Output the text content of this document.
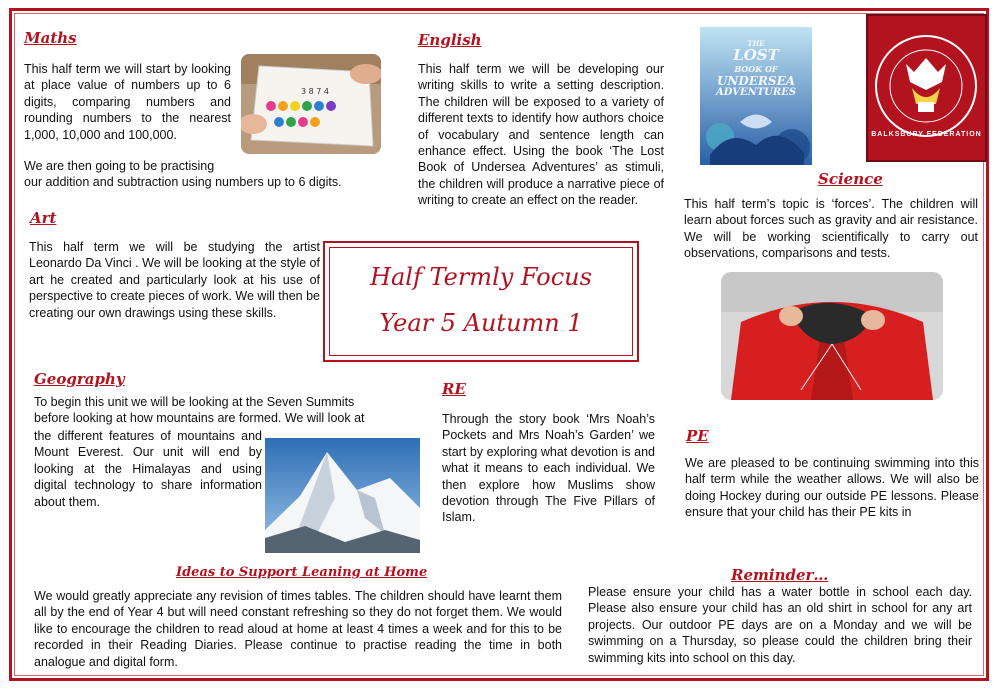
Maths

This half term we will start by looking at place value of numbers up to 6 digits, comparing numbers and rounding numbers to the nearest 1,000, 10,000 and 100,000.

We are then going to be practising

our addition and subtraction using numbers up to 6 digits.

3 8 7 4
English
This half term we will be developing our writing skills to write a setting description. The children will be exposed to a variety of different texts to identify how authors choice of vocabulary and sentence length can enhance effect. Using the book ‘The Lost Book of Undersea Adventures’ as stimuli, the children will produce a narrative piece of writing to create an effect on the reader.
THE
LOST
BOOK OF
UNDERSEA
ADVENTURES
BALKSBURY FEDERATION
Science
This half term’s topic is ‘forces’. The children will learn about forces such as gravity and air resistance. We will be working scientifically to carry out observations, comparisons and tests.
Art
This half term we will be studying the artist Leonardo Da Vinci . We will be looking at the style of art he created and particularly look at his use of perspective to create pieces of work. We will then be creating our own drawings using these skills.
Half Termly Focus
Year 5 Autumn 1
Geography
To begin this unit we will be looking at the Seven Summits before looking at how mountains are formed. We will look at
the different features of mountains and Mount Everest. Our unit will end by looking at the Himalayas and using digital technology to share information about them.
RE
Through the story book ‘Mrs Noah’s Pockets and Mrs Noah’s Garden’ we start by exploring what devotion is and what it means to each individual. We then explore how Muslims show devotion through The Five Pillars of Islam.
PE
We are pleased to be continuing swimming into this half term while the weather allows. We will also be doing Hockey during our outside PE lessons. Please ensure that your child has their PE kits in
Ideas to Support Leaning at Home
We would greatly appreciate any revision of times tables. The children should have learnt them all by the end of Year 4 but will need constant refreshing so they do not forget them. We would like to encourage the children to read aloud at home at least 4 times a week and for this to be recorded in their Reading Diaries. Please continue to practise reading the time in both analogue and digital form.
Reminder…
Please ensure your child has a water bottle in school each day. Please also ensure your child has an old shirt in school for any art projects. Our outdoor PE days are on a Monday and we will be swimming on a Thursday, so please could the children bring their swimming kits into school on this day.
